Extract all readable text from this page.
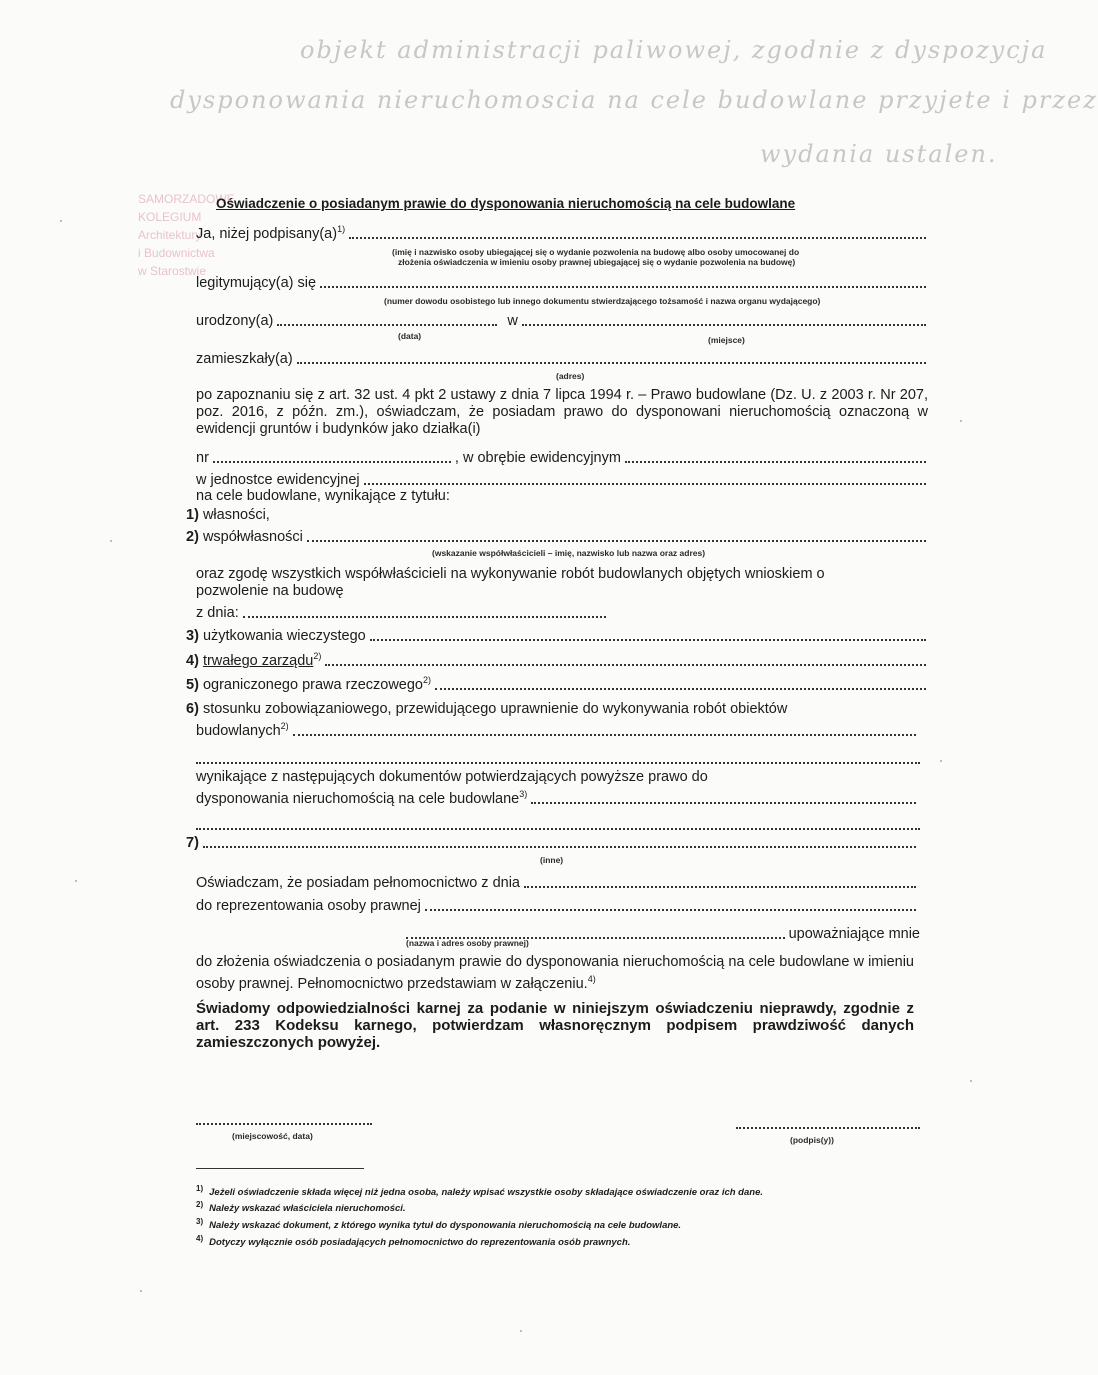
objekt administracji paliwowej, zgodnie z dyspozycja
dysponowania nieruchomoscia na cele budowlane przyjete i przez
wydania ustalen.
SAMORZADOWE
KOLEGIUM
Architektury
i Budownictwa
w Starostwie
Oświadczenie o posiadanym prawie do dysponowania nieruchomością na cele budowlane
Ja, niżej $podpisany(a)^{1)}$
(imię i nazwisko osoby ubiegającej się o wydanie pozwolenia na budowę albo osoby umocowanej do
złożenia oświadczenia w imieniu osoby prawnej ubiegającej się o wydanie pozwolenia na budowę)
legitymujący(a) się
(numer dowodu osobistego lub innego dokumentu stwierdzającego tożsamość i nazwa organu wydającego)
urodzony(a)	w
(data)	(miejsce)
zamieszkały(a)
(adres)
po zapoznaniu się z art. 32 ust. 4 pkt 2 ustawy z dnia 7 lipca 1994 r. – Prawo budowlane (Dz. U. z 2003 r. Nr 207, poz. 2016, z późn. zm.), oświadczam, że posiadam prawo do dysponowani nieruchomością oznaczoną w ewidencji gruntów i budynków jako działka(i)
nr	, w obrębie ewidencyjnym
w jednostce ewidencyjnej
na cele budowlane, wynikające z tytułu:
1) własności,
2) współwłasności
(wskazanie współwłaścicieli – imię, nazwisko lub nazwa oraz adres)
oraz zgodę wszystkich współwłaścicieli na wykonywanie robót budowlanych objętych wnioskiem o pozwolenie na budowę
z dnia:
3) użytkowania wieczystego
4) trwałego zarządu$^{2)}$
5) ograniczonego prawa rzeczowego$^{2)}$
6) stosunku zobowiązaniowego, przewidującego uprawnienie do wykonywania robót obiektów
budowlanych$^{2)}$
wynikające z następujących dokumentów potwierdzających powyższe prawo do
dysponowania nieruchomością na cele budowlane$^{3)}$
7)
(inne)
Oświadczam, że posiadam pełnomocnictwo z dnia
do reprezentowania osoby prawnej
upoważniające mnie
(nazwa i adres osoby prawnej)
do złożenia oświadczenia o posiadanym prawie do dysponowania nieruchomością na cele budowlane w imieniu osoby prawnej. Pełnomocnictwo przedstawiam w załączeniu.$^{4)}$
Świadomy odpowiedzialności karnej za podanie w niniejszym oświadczeniu nieprawdy, zgodnie z art. 233 Kodeksu karnego, potwierdzam własnoręcznym podpisem prawdziwość danych zamieszczonych powyżej.
(miejscowość, data)	(podpis(y))
$^{1)}$ Jeżeli oświadczenie składa więcej niż jedna osoba, należy wpisać wszystkie osoby składające oświadczenie oraz ich dane.
$^{2)}$ Należy wskazać właściciela nieruchomości.
$^{3)}$ Należy wskazać dokument, z którego wynika tytuł do dysponowania nieruchomością na cele budowlane.
$^{4)}$ Dotyczy wyłącznie osób posiadających pełnomocnictwo do reprezentowania osób prawnych.
